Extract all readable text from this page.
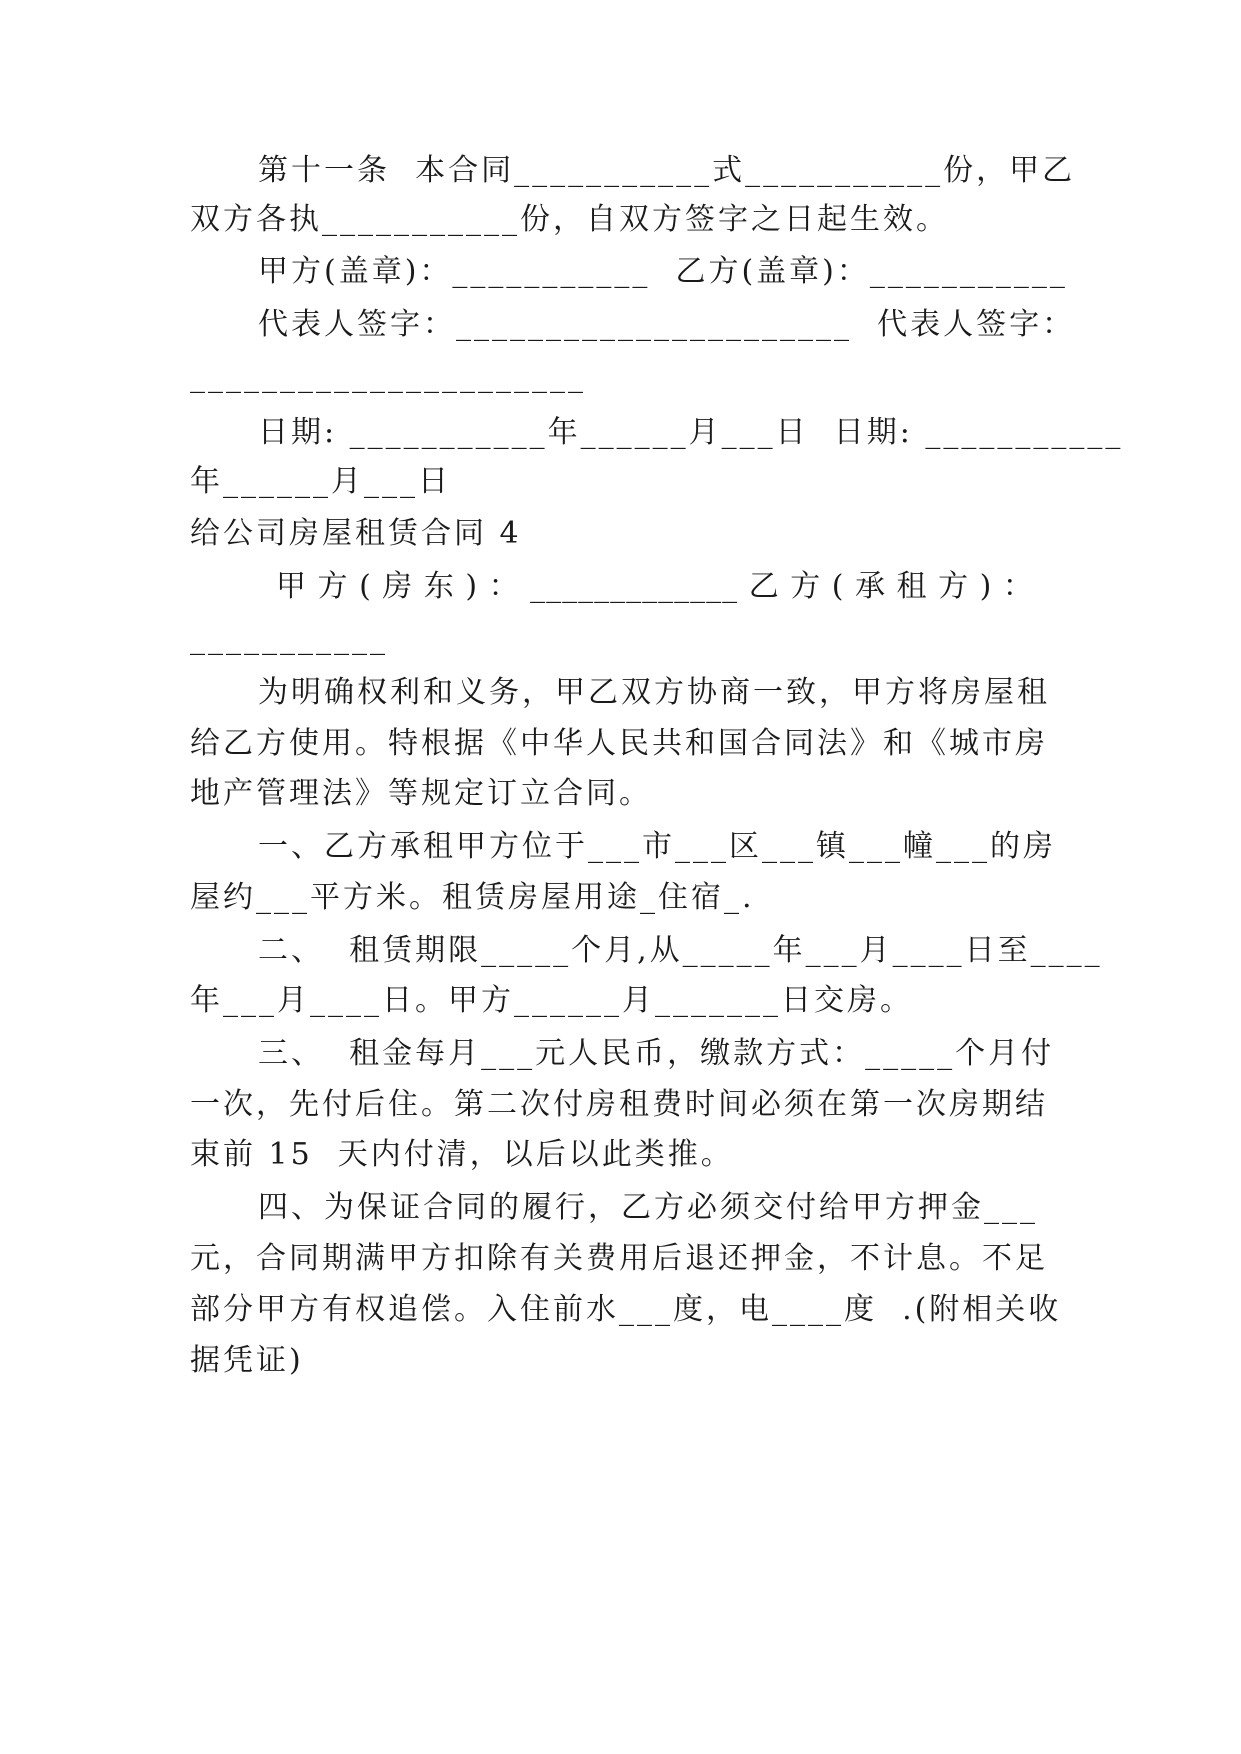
第十一条  本合同___________式___________份，甲乙
双方各执___________份，自双方签字之日起生效。
甲方(盖章)：___________  乙方(盖章)：___________
代表人签字：______________________  代表人签字：
______________________
日期: ___________年______月___日  日期: ___________
年______月___日
给公司房屋租赁合同 4
甲 方 ( 房 东 ) ： _____________ 乙 方 ( 承 租 方 ) ：
___________
为明确权利和义务，甲乙双方协商一致，甲方将房屋租
给乙方使用。特根据《中华人民共和国合同法》和《城市房
地产管理法》等规定订立合同。
一、乙方承租甲方位于___市___区___镇___幢___的房
屋约___平方米。租赁房屋用途_住宿_.
二、  租赁期限_____个月,从_____年___月____日至____
年___月____日。甲方______月_______日交房。
三、  租金每月___元人民币，缴款方式：_____个月付
一次，先付后住。第二次付房租费时间必须在第一次房期结
束前 15  天内付清，以后以此类推。
四、为保证合同的履行，乙方必须交付给甲方押金___
元，合同期满甲方扣除有关费用后退还押金，不计息。不足
部分甲方有权追偿。入住前水___度，电____度  .(附相关收
据凭证)
